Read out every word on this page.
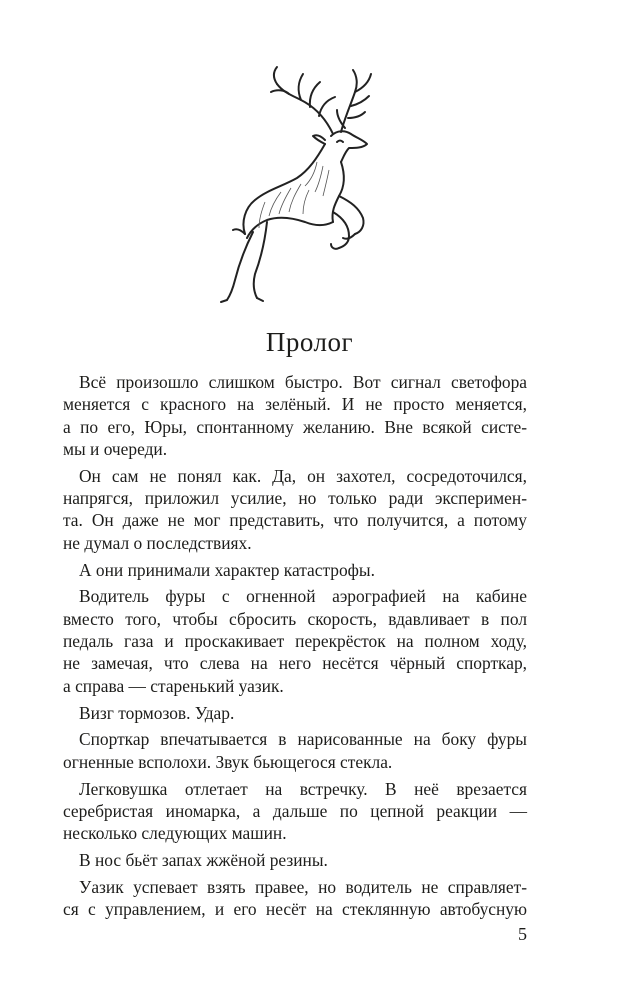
Пролог

Всё произошло слишком быстро. Вот сигнал светофора
меняется с красного на зелёный. И не просто меняется,
а по его, Юры, спонтанному желанию. Вне всякой систе-
мы и очереди.

Он сам не понял как. Да, он захотел, сосредоточился,
напрягся, приложил усилие, но только ради эксперимен-
та. Он даже не мог представить, что получится, а потому
не думал о последствиях.

А они принимали характер катастрофы.

Водитель фуры с огненной аэрографией на кабине
вместо того, чтобы сбросить скорость, вдавливает в пол
педаль газа и проскакивает перекрёсток на полном ходу,
не замечая, что слева на него несётся чёрный спорткар,
а справа — старенький уазик.

Визг тормозов. Удар.

Спорткар впечатывается в нарисованные на боку фуры
огненные всполохи. Звук бьющегося стекла.

Легковушка отлетает на встречку. В неё врезается
серебристая иномарка, а дальше по цепной реакции —
несколько следующих машин.

В нос бьёт запах жжёной резины.

Уазик успевает взять правее, но водитель не справляет-
ся с управлением, и его несёт на стеклянную автобусную

5
